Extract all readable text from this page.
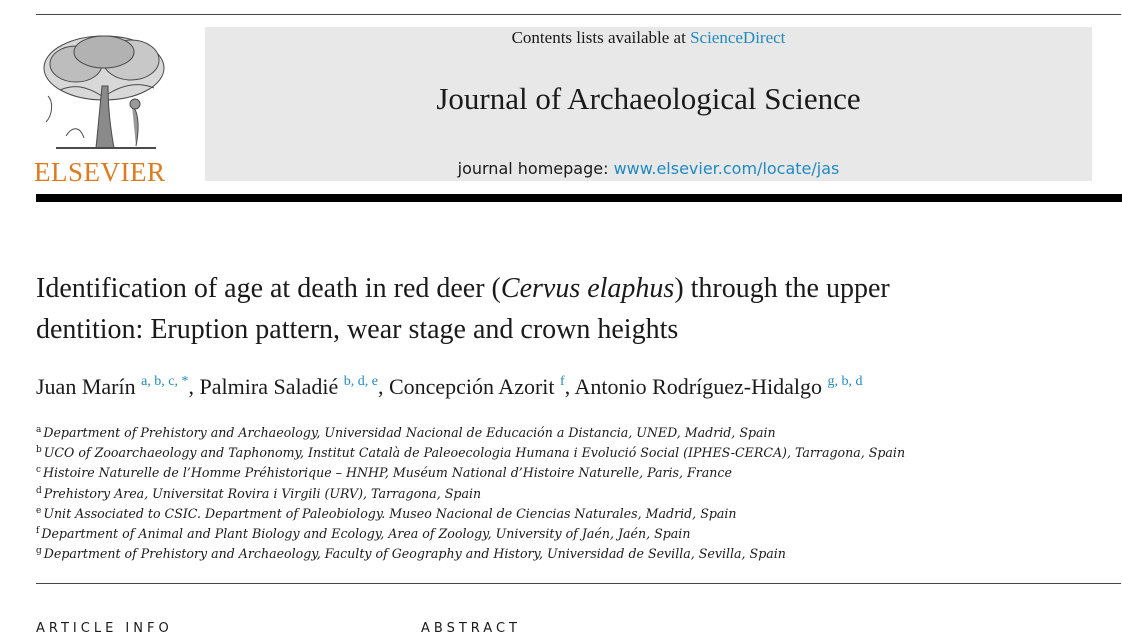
ELSEVIER
Contents lists available at ScienceDirect
Journal of Archaeological Science
journal homepage: www.elsevier.com/locate/jas
Identification of age at death in red deer (Cervus elaphus) through the upper
dentition: Eruption pattern, wear stage and crown heights
Juan Marín $^{a, b, c, *}$, Palmira Saladié $^{b, d, e}$, Concepción Azorit $^f$, Antonio Rodríguez-Hidalgo $^{g, b, d}$
$^a$ Department of Prehistory and Archaeology, Universidad Nacional de Educación a Distancia, UNED, Madrid, Spain
$^b$ UCO of Zooarchaeology and Taphonomy, Institut Català de Paleoecologia Humana i Evolució Social (IPHES-CERCA), Tarragona, Spain
$^c$ Histoire Naturelle de l’Homme Préhistorique – HNHP, Muséum National d’Histoire Naturelle, Paris, France
$^d$ Prehistory Area, Universitat Rovira i Virgili (URV), Tarragona, Spain
$^e$ Unit Associated to CSIC. Department of Paleobiology. Museo Nacional de Ciencias Naturales, Madrid, Spain
$^f$ Department of Animal and Plant Biology and Ecology, Area of Zoology, University of Jaén, Jaén, Spain
$^g$ Department of Prehistory and Archaeology, Faculty of Geography and History, Universidad de Sevilla, Sevilla, Spain
ARTICLE INFO	ABSTRACT
